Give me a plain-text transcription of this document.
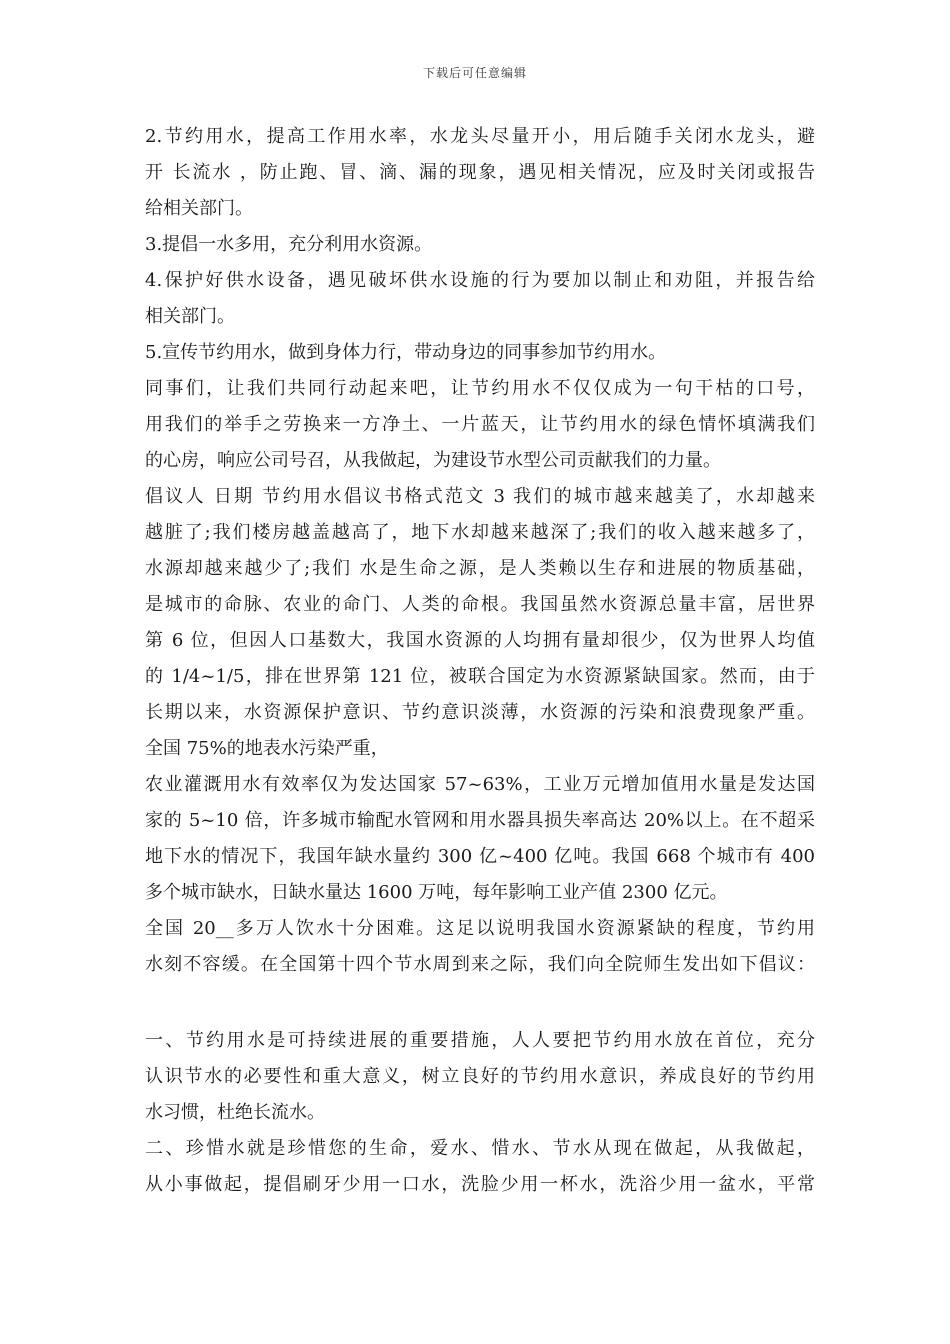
下载后可任意编辑
2.节约用水，提高工作用水率，水龙头尽量开小，用后随手关闭水龙头，避
开 长流水 ，防止跑、冒、滴、漏的现象，遇见相关情况，应及时关闭或报告
给相关部门。
3.提倡一水多用，充分利用水资源。
4.保护好供水设备，遇见破坏供水设施的行为要加以制止和劝阻，并报告给
相关部门。
5.宣传节约用水，做到身体力行，带动身边的同事参加节约用水。
同事们，让我们共同行动起来吧，让节约用水不仅仅成为一句干枯的口号，
用我们的举手之劳换来一方净土、一片蓝天，让节约用水的绿色情怀填满我们
的心房，响应公司号召，从我做起，为建设节水型公司贡献我们的力量。
倡议人 日期 节约用水倡议书格式范文 3 我们的城市越来越美了，水却越来
越脏了;我们楼房越盖越高了，地下水却越来越深了;我们的收入越来越多了，
水源却越来越少了;我们 水是生命之源，是人类赖以生存和进展的物质基础，
是城市的命脉、农业的命门、人类的命根。我国虽然水资源总量丰富，居世界
第 6 位，但因人口基数大，我国水资源的人均拥有量却很少，仅为世界人均值
的 1/4~1/5，排在世界第 121 位，被联合国定为水资源紧缺国家。然而，由于
长期以来，水资源保护意识、节约意识淡薄，水资源的污染和浪费现象严重。
全国 75%的地表水污染严重，
农业灌溉用水有效率仅为发达国家 57~63%，工业万元增加值用水量是发达国
家的 5~10 倍，许多城市输配水管网和用水器具损失率高达 20%以上。在不超采
地下水的情况下，我国年缺水量约 300 亿~400 亿吨。我国 668 个城市有 400
多个城市缺水，日缺水量达 1600 万吨，每年影响工业产值 2300 亿元。
全国 20__多万人饮水十分困难。这足以说明我国水资源紧缺的程度，节约用
水刻不容缓。在全国第十四个节水周到来之际，我们向全院师生发出如下倡议：
一、节约用水是可持续进展的重要措施，人人要把节约用水放在首位，充分
认识节水的必要性和重大意义，树立良好的节约用水意识，养成良好的节约用
水习惯，杜绝长流水。
二、珍惜水就是珍惜您的生命，爱水、惜水、节水从现在做起，从我做起，
从小事做起，提倡刷牙少用一口水，洗脸少用一杯水，洗浴少用一盆水，平常
